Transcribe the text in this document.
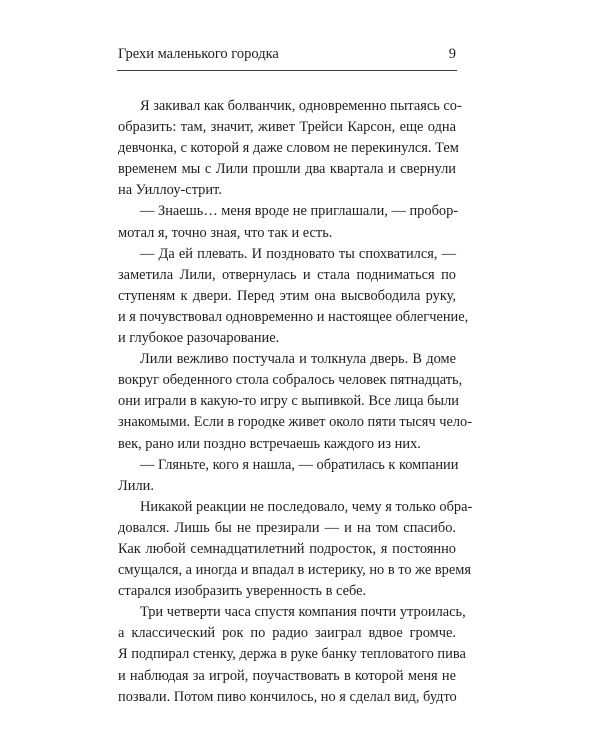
Грехи маленького городка	9
Я закивал как болванчик, одновременно пытаясь со-
образить: там, значит, живет Трейси Карсон, еще одна
девчонка, с которой я даже словом не перекинулся. Тем
временем мы с Лили прошли два квартала и свернули
на Уиллоу-стрит.
— Знаешь… меня вроде не приглашали, — пробор-
мотал я, точно зная, что так и есть.
— Да ей плевать. И поздновато ты спохватился, —
заметила Лили, отвернулась и стала подниматься по
ступеням к двери. Перед этим она высвободила руку,
и я почувствовал одновременно и настоящее облегчение,
и глубокое разочарование.
Лили вежливо постучала и толкнула дверь. В доме
вокруг обеденного стола собралось человек пятнадцать,
они играли в какую-то игру с выпивкой. Все лица были
знакомыми. Если в городке живет около пяти тысяч чело-
век, рано или поздно встречаешь каждого из них.
— Гляньте, кого я нашла, — обратилась к компании
Лили.
Никакой реакции не последовало, чему я только обра-
довался. Лишь бы не презирали — и на том спасибо.
Как любой семнадцатилетний подросток, я постоянно
смущался, а иногда и впадал в истерику, но в то же время
старался изобразить уверенность в себе.
Три четверти часа спустя компания почти утроилась,
а классический рок по радио заиграл вдвое громче.
Я подпирал стенку, держа в руке банку тепловатого пива
и наблюдая за игрой, поучаствовать в которой меня не
позвали. Потом пиво кончилось, но я сделал вид, будто
